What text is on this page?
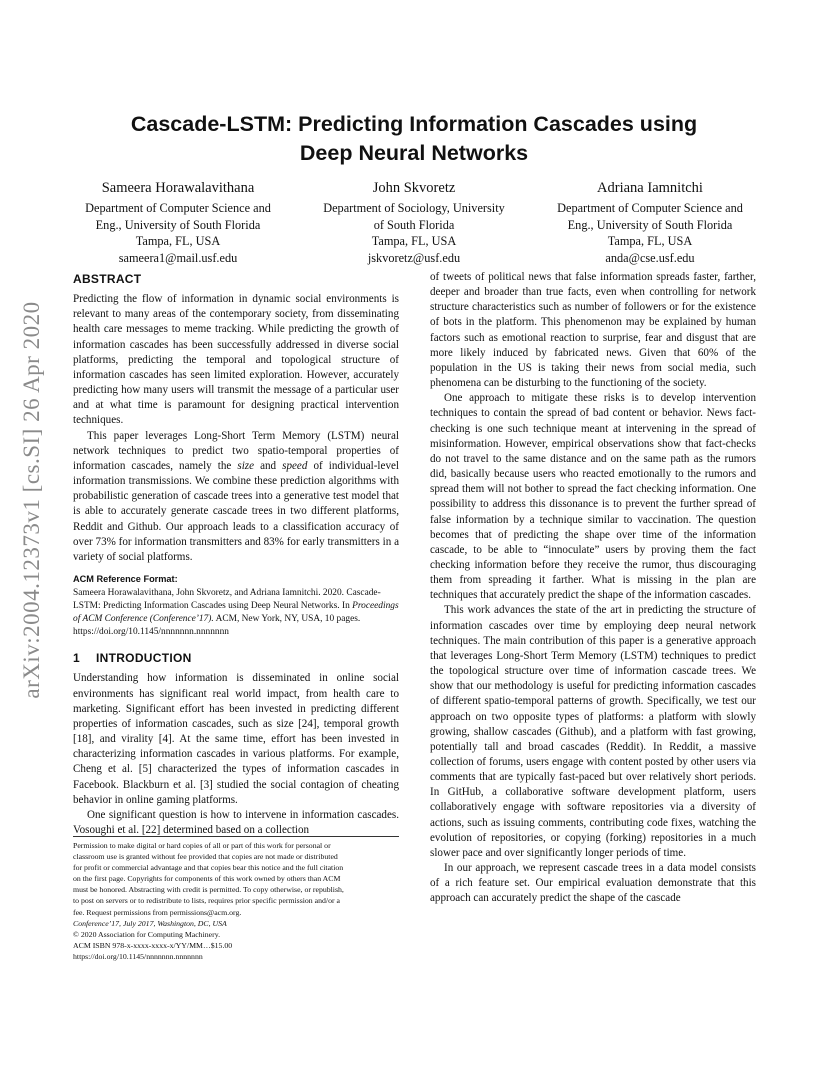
arXiv:2004.12373v1 [cs.SI] 26 Apr 2020
Cascade-LSTM: Predicting Information Cascades using
Deep Neural Networks
Sameera Horawalavithana
Department of Computer Science and
Eng., University of South Florida
Tampa, FL, USA
sameera1@mail.usf.edu
John Skvoretz
Department of Sociology, University
of South Florida
Tampa, FL, USA
jskvoretz@usf.edu
Adriana Iamnitchi
Department of Computer Science and
Eng., University of South Florida
Tampa, FL, USA
anda@cse.usf.edu
ABSTRACT

Predicting the flow of information in dynamic social environments is relevant to many areas of the contemporary society, from disseminating health care messages to meme tracking. While predicting the growth of information cascades has been successfully addressed in diverse social platforms, predicting the temporal and topological structure of information cascades has seen limited exploration. However, accurately predicting how many users will transmit the message of a particular user and at what time is paramount for designing practical intervention techniques.

This paper leverages Long-Short Term Memory (LSTM) neural network techniques to predict two spatio-temporal properties of information cascades, namely the size and speed of individual-level information transmissions. We combine these prediction algorithms with probabilistic generation of cascade trees into a generative test model that is able to accurately generate cascade trees in two different platforms, Reddit and Github. Our approach leads to a classification accuracy of over 73% for information transmitters and 83% for early transmitters in a variety of social platforms.

ACM Reference Format:

Sameera Horawalavithana, John Skvoretz, and Adriana Iamnitchi. 2020. Cascade-LSTM: Predicting Information Cascades using Deep Neural Networks. In Proceedings of ACM Conference (Conference’17). ACM, New York, NY, USA, 10 pages. https://doi.org/10.1145/nnnnnnn.nnnnnnn

1 INTRODUCTION

Understanding how information is disseminated in online social environments has significant real world impact, from health care to marketing. Significant effort has been invested in predicting different properties of information cascades, such as size [24], temporal growth [18], and virality [4]. At the same time, effort has been invested in characterizing information cascades in various platforms. For example, Cheng et al. [5] characterized the types of information cascades in Facebook. Blackburn et al. [3] studied the social contagion of cheating behavior in online gaming platforms.

One significant question is how to intervene in information cascades. Vosoughi et al. [22] determined based on a collection

Permission to make digital or hard copies of all or part of this work for personal or
classroom use is granted without fee provided that copies are not made or distributed
for profit or commercial advantage and that copies bear this notice and the full citation
on the first page. Copyrights for components of this work owned by others than ACM
must be honored. Abstracting with credit is permitted. To copy otherwise, or republish,
to post on servers or to redistribute to lists, requires prior specific permission and/or a
fee. Request permissions from permissions@acm.org.
Conference’17, July 2017, Washington, DC, USA
© 2020 Association for Computing Machinery.
ACM ISBN 978-x-xxxx-xxxx-x/YY/MM…$15.00
https://doi.org/10.1145/nnnnnnn.nnnnnnn

of tweets of political news that false information spreads faster, farther, deeper and broader than true facts, even when controlling for network structure characteristics such as number of followers or for the existence of bots in the platform. This phenomenon may be explained by human factors such as emotional reaction to surprise, fear and disgust that are more likely induced by fabricated news. Given that 60% of the population in the US is taking their news from social media, such phenomena can be disturbing to the functioning of the society.

One approach to mitigate these risks is to develop intervention techniques to contain the spread of bad content or behavior. News fact-checking is one such technique meant at intervening in the spread of misinformation. However, empirical observations show that fact-checks do not travel to the same distance and on the same path as the rumors did, basically because users who reacted emotionally to the rumors and spread them will not bother to spread the fact checking information. One possibility to address this dissonance is to prevent the further spread of false information by a technique similar to vaccination. The question becomes that of predicting the shape over time of the information cascade, to be able to “innoculate” users by proving them the fact checking information before they receive the rumor, thus discouraging them from spreading it farther. What is missing in the plan are techniques that accurately predict the shape of the information cascades.

This work advances the state of the art in predicting the structure of information cascades over time by employing deep neural network techniques. The main contribution of this paper is a generative approach that leverages Long-Short Term Memory (LSTM) techniques to predict the topological structure over time of information cascade trees. We show that our methodology is useful for predicting information cascades of different spatio-temporal patterns of growth. Specifically, we test our approach on two opposite types of platforms: a platform with slowly growing, shallow cascades (Github), and a platform with fast growing, potentially tall and broad cascades (Reddit). In Reddit, a massive collection of forums, users engage with content posted by other users via comments that are typically fast-paced but over relatively short periods. In GitHub, a collaborative software development platform, users collaboratively engage with software repositories via a diversity of actions, such as issuing comments, contributing code fixes, watching the evolution of repositories, or copying (forking) repositories in a much slower pace and over significantly longer periods of time.

In our approach, we represent cascade trees in a data model consists of a rich feature set. Our empirical evaluation demonstrate that this approach can accurately predict the shape of the cascade
